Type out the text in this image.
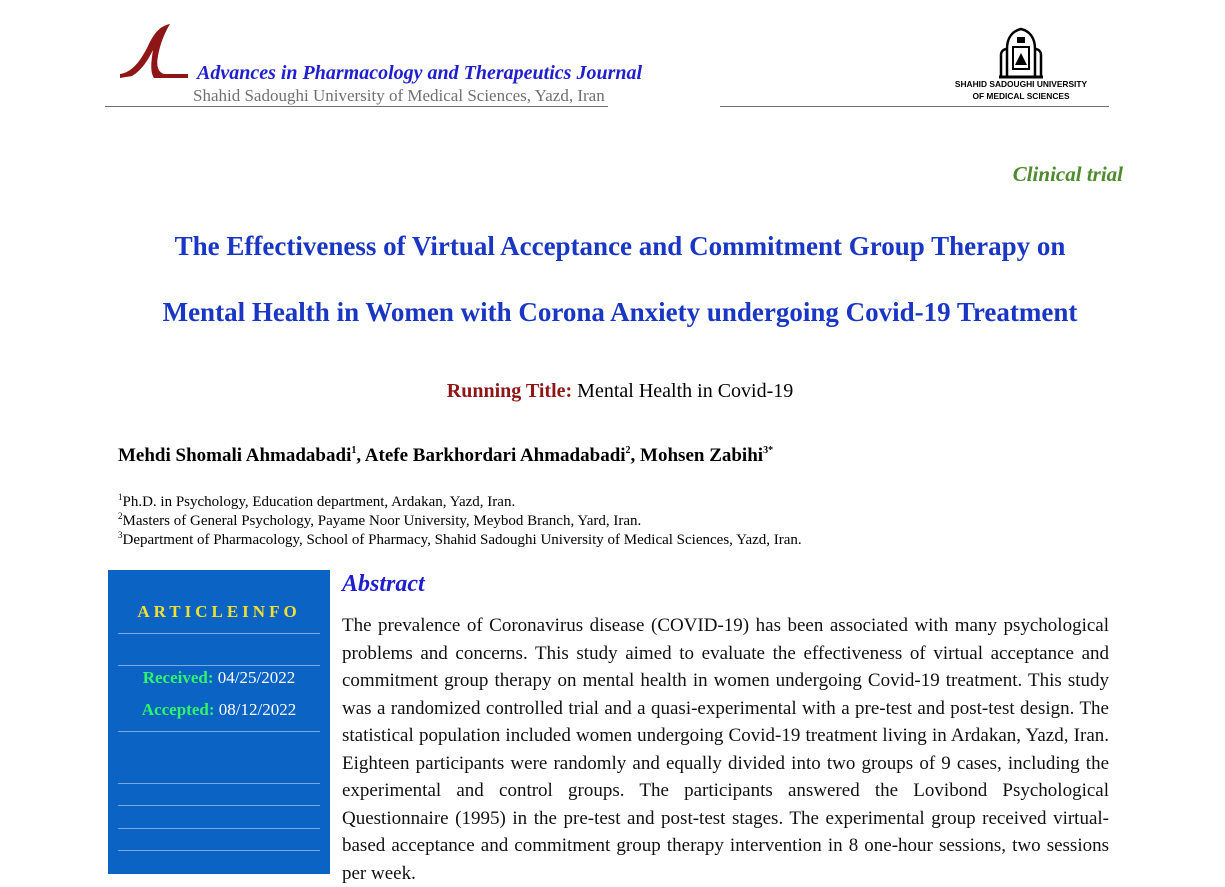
Advances in Pharmacology and Therapeutics Journal
Shahid Sadoughi University of Medical Sciences, Yazd, Iran
SHAHID SADOUGHI UNIVERSITY
OF MEDICAL SCIENCES
Clinical trial
The Effectiveness of Virtual Acceptance and Commitment Group Therapy on
Mental Health in Women with Corona Anxiety undergoing Covid-19 Treatment
Running Title: Mental Health in Covid-19
Mehdi Shomali Ahmadabadi$^1$, Atefe Barkhordari Ahmadabadi$^2$, Mohsen Zabihi$^{3*}$
$^1$Ph.D. in Psychology, Education department, Ardakan, Yazd, Iran.
$^2$Masters of General Psychology, Payame Noor University, Meybod Branch, Yard, Iran.
$^3$Department of Pharmacology, School of Pharmacy, Shahid Sadoughi University of Medical Sciences, Yazd, Iran.
ARTICLEINFO
Received: 04/25/2022
Accepted: 08/12/2022
Abstract
The prevalence of Coronavirus disease (COVID-19) has been associated with many psychological problems and concerns. This study aimed to evaluate the effectiveness of virtual acceptance and commitment group therapy on mental health in women undergoing Covid-19 treatment. This study was a randomized controlled trial and a quasi-experimental with a pre-test and post-test design. The statistical population included women undergoing Covid-19 treatment living in Ardakan, Yazd, Iran. Eighteen participants were randomly and equally divided into two groups of 9 cases, including the experimental and control groups. The participants answered the Lovibond Psychological Questionnaire (1995) in the pre-test and post-test stages. The experimental group received virtual-based acceptance and commitment group therapy intervention in 8 one-hour sessions, two sessions per week.
